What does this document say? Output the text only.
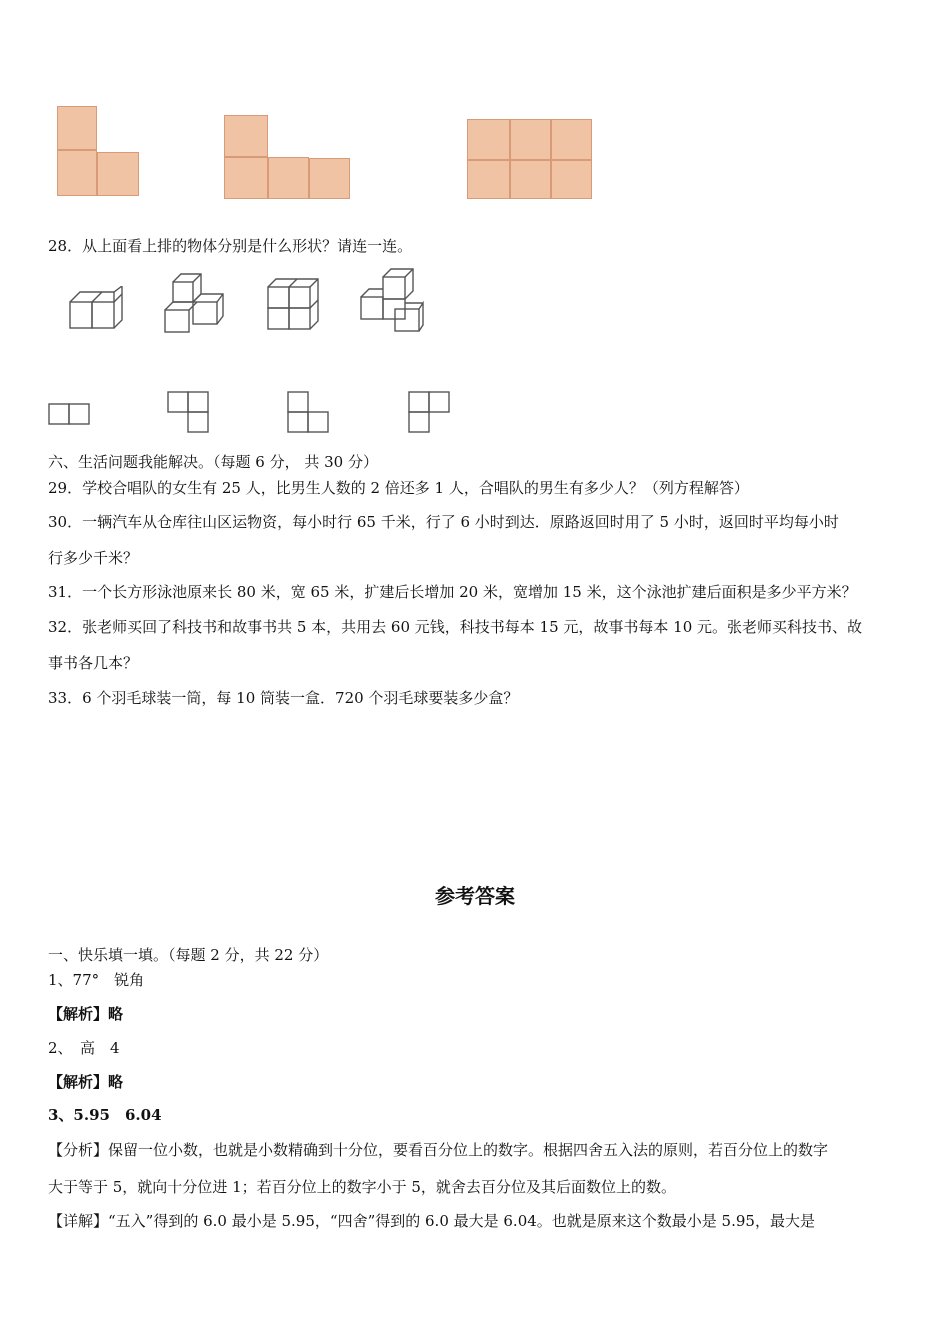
28．从上面看上排的物体分别是什么形状？请连一连。
六、生活问题我能解决。（每题 6 分， 共 30 分）
29．学校合唱队的女生有 25 人，比男生人数的 2 倍还多 1 人，合唱队的男生有多少人？（列方程解答）
30．一辆汽车从仓库往山区运物资，每小时行 65 千米，行了 6 小时到达．原路返回时用了 5 小时，返回时平均每小时
行多少千米？
31．一个长方形泳池原来长 80 米，宽 65 米，扩建后长增加 20 米，宽增加 15 米，这个泳池扩建后面积是多少平方米？
32．张老师买回了科技书和故事书共 5 本，共用去 60 元钱，科技书每本 15 元，故事书每本 10 元。张老师买科技书、故
事书各几本？
33．6 个羽毛球装一筒，每 10 筒装一盒．720 个羽毛球要装多少盒？
参考答案
一、快乐填一填。（每题 2 分，共 22 分）
1、77°　锐角
【解析】略
2、　高　4
【解析】略
3、5.95　6.04
【分析】保留一位小数，也就是小数精确到十分位，要看百分位上的数字。根据四舍五入法的原则，若百分位上的数字
大于等于 5，就向十分位进 1；若百分位上的数字小于 5，就舍去百分位及其后面数位上的数。
【详解】“五入”得到的 6.0 最小是 5.95，“四舍”得到的 6.0 最大是 6.04。也就是原来这个数最小是 5.95，最大是
